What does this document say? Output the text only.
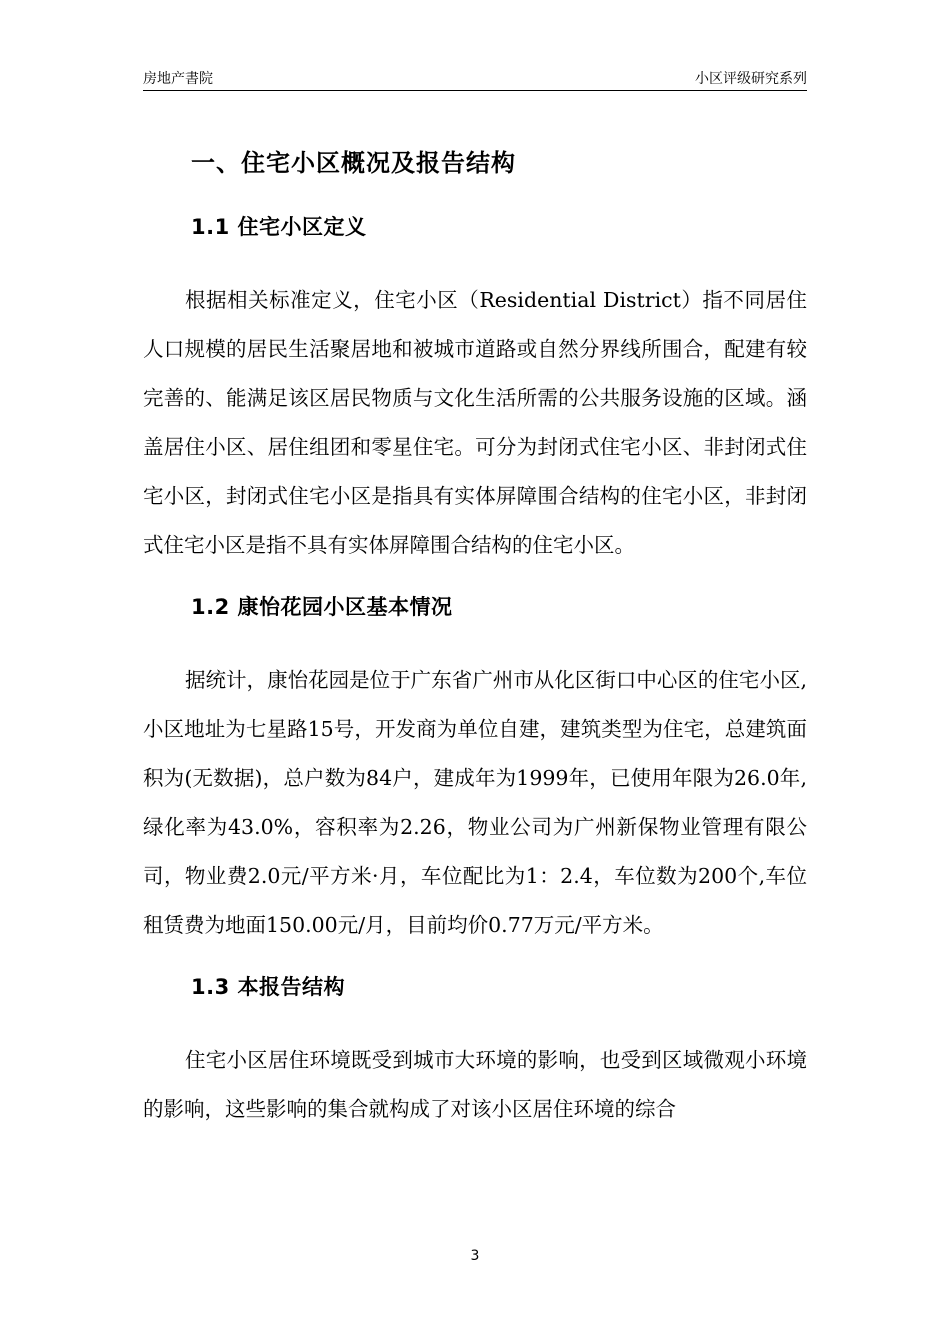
房地产書院	小区评级研究系列
一、住宅小区概况及报告结构
1.1 住宅小区定义

根据相关标准定义，住宅小区（Residential District）指不同居住人口规模的居民生活聚居地和被城市道路或自然分界线所围合，配建有较完善的、能满足该区居民物质与文化生活所需的公共服务设施的区域。涵盖居住小区、居住组团和零星住宅。可分为封闭式住宅小区、非封闭式住宅小区，封闭式住宅小区是指具有实体屏障围合结构的住宅小区，非封闭式住宅小区是指不具有实体屏障围合结构的住宅小区。

1.2 康怡花园小区基本情况

据统计，康怡花园是位于广东省广州市从化区街口中心区的住宅小区,小区地址为七星路15号，开发商为单位自建，建筑类型为住宅，总建筑面积为(无数据)，总户数为84户，建成年为1999年，已使用年限为26.0年,绿化率为43.0%，容积率为2.26，物业公司为广州新保物业管理有限公司，物业费2.0元/平方米·月，车位配比为1：2.4，车位数为200个,车位租赁费为地面150.00元/月，目前均价0.77万元/平方米。

1.3 本报告结构

住宅小区居住环境既受到城市大环境的影响，也受到区域微观小环境的影响，这些影响的集合就构成了对该小区居住环境的综合

3
